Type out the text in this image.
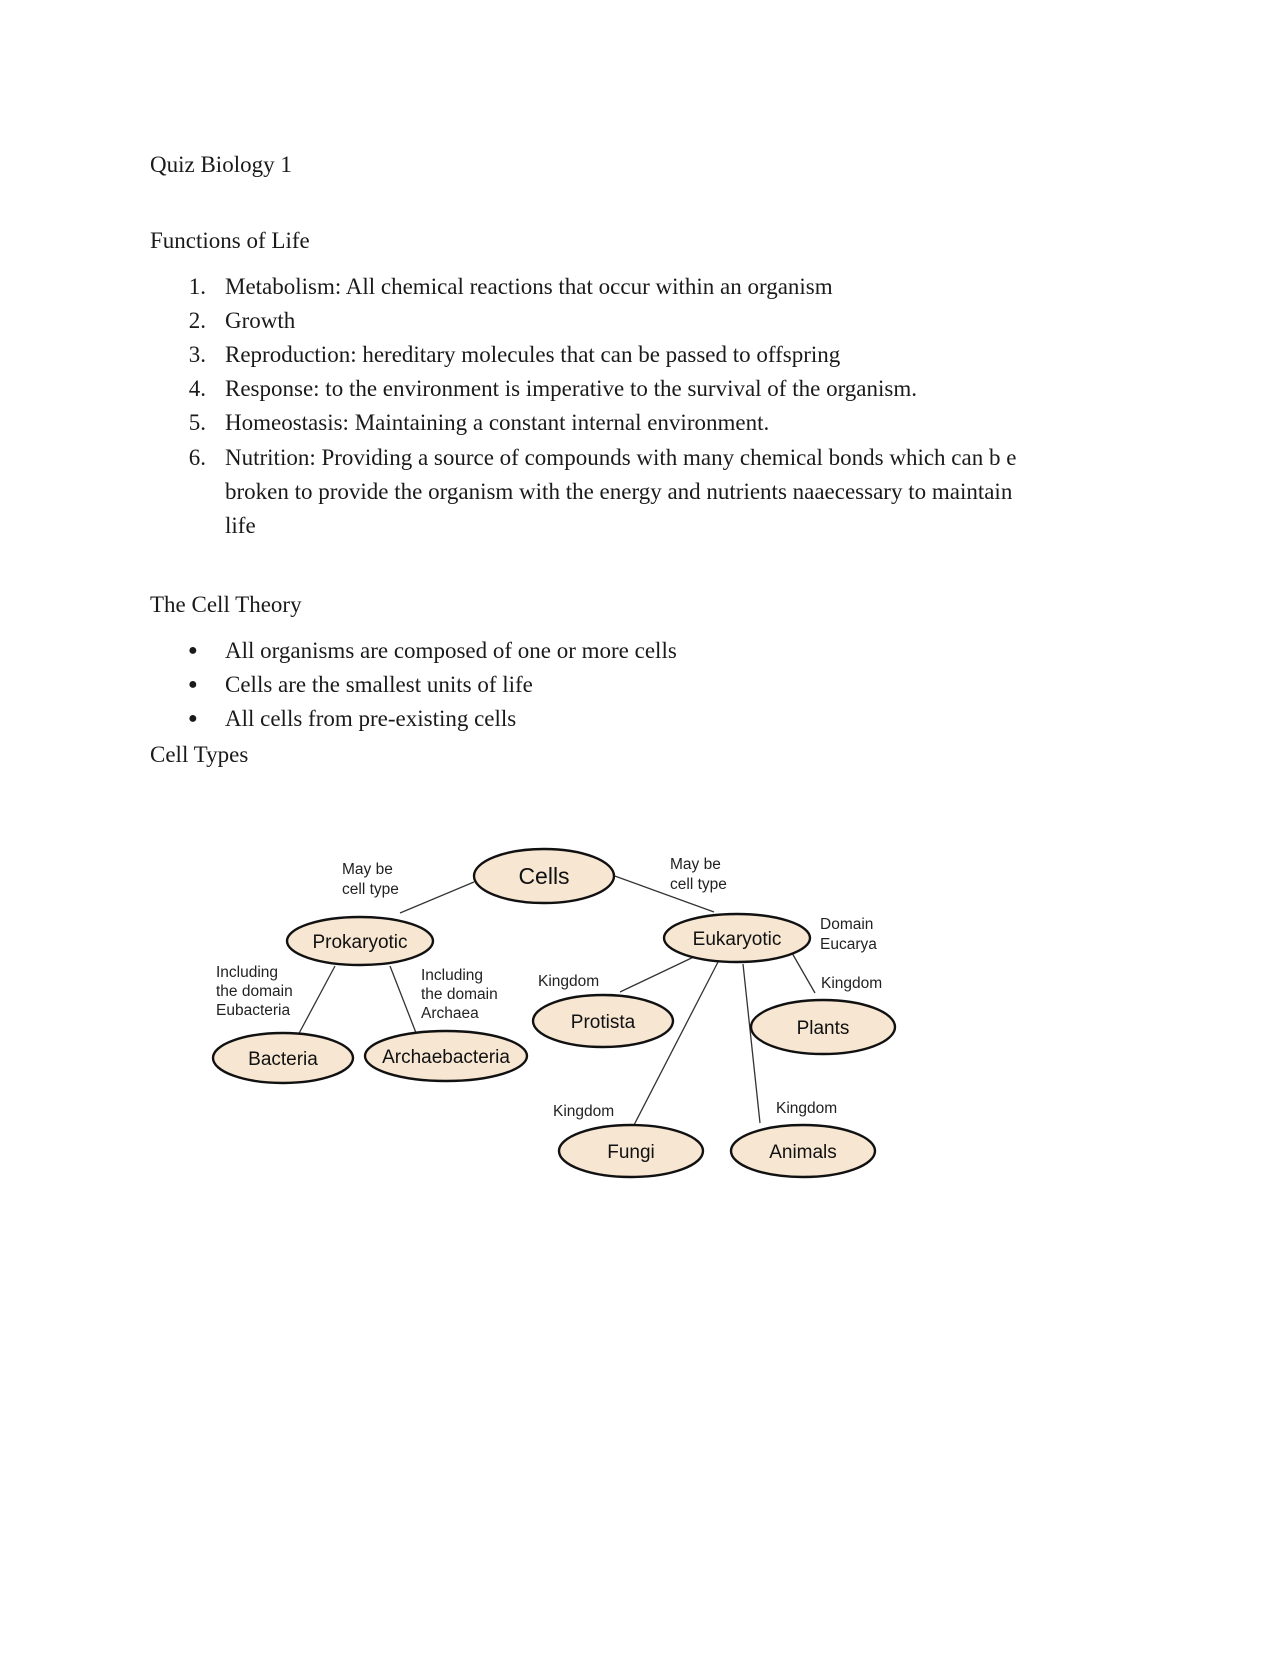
Quiz Biology 1
Functions of Life
1. Metabolism: All chemical reactions that occur within an organism
2. Growth
3. Reproduction: hereditary molecules that can be passed to offspring
4. Response: to the environment is imperative to the survival of the organism.
5. Homeostasis: Maintaining a constant internal environment.
6. Nutrition: Providing a source of compounds with many chemical bonds which can b e
broken to provide the organism with the energy and nutrients naaecessary to maintain
life
The Cell Theory
● All organisms are composed of one or more cells
● Cells are the smallest units of life
● All cells from pre-existing cells
Cell Types
Cells
Prokaryotic	Eukaryotic
Bacteria	Archaebacteria
Protista	Plants
Fungi	Animals
May be
cell type
May be
cell type
Domain
Eucarya
Including
the domain
Eubacteria
Including
the domain
Archaea
Kingdom	Kingdom
Kingdom	Kingdom
